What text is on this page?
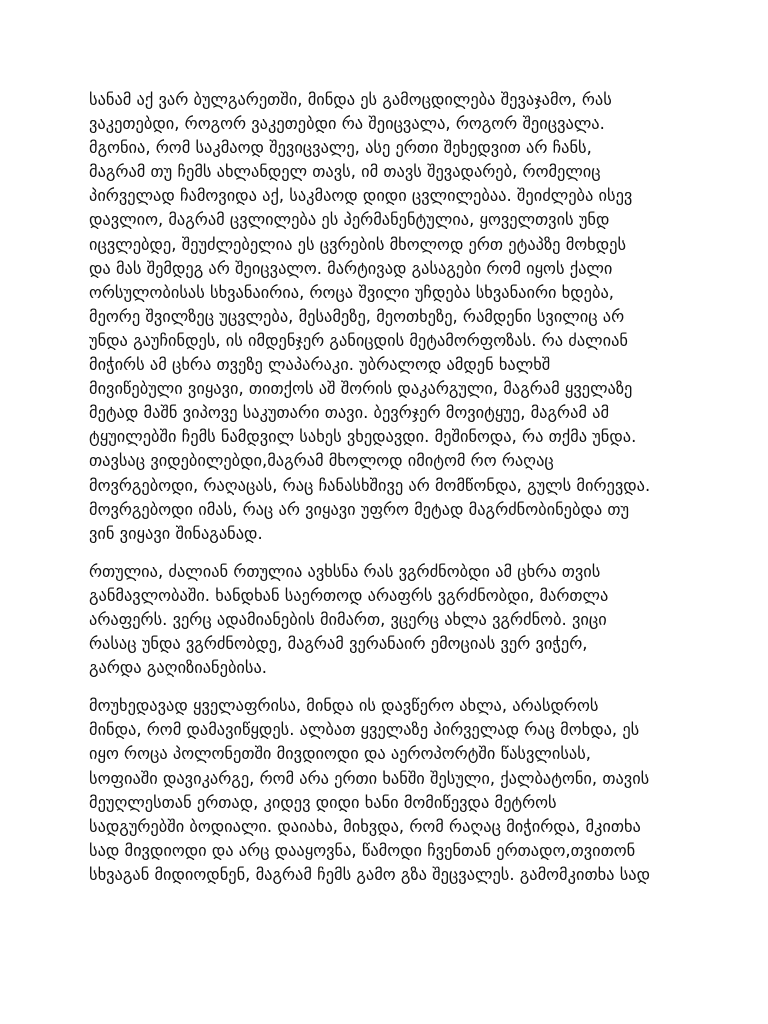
სანამ აქ ვარ ბულგარეთში, მინდა ეს გამოცდილება შევაჯამო, რას
ვაკეთებდი, როგორ ვაკეთებდი რა შეიცვალა, როგორ შეიცვალა.
მგონია, რომ საკმაოდ შევიცვალე, ასე ერთი შეხედვით არ ჩანს,
მაგრამ თუ ჩემს ახლანდელ თავს, იმ თავს შევადარებ, რომელიც
პირველად ჩამოვიდა აქ, საკმაოდ დიდი ცვლილებაა. შეიძლება ისევ
დავლიო, მაგრამ ცვლილება ეს პერმანენტულია, ყოველთვის უნდ
იცვლებდე, შეუძლებელია ეს ცვრების მხოლოდ ერთ ეტაპზე მოხდეს
და მას შემდეგ არ შეიცვალო. მარტივად გასაგები რომ იყოს ქალი
ორსულობისას სხვანაირია, როცა შვილი უჩდება სხვანაირი ხდება,
მეორე შვილზეც უცვლება, მესამეზე, მეოთხეზე, რამდენი სვილიც არ
უნდა გაუჩინდეს, ის იმდენჯერ განიცდის მეტამორფოზას. რა ძალიან
მიჭირს ამ ცხრა თვეზე ლაპარაკი. უბრალოდ ამდენ ხალხშ
მივიწებული ვიყავი, თითქოს აშ შორის დაკარგული, მაგრამ ყველაზე
მეტად მაშნ ვიპოვე საკუთარი თავი. ბევრჯერ მოვიტყუე, მაგრამ ამ
ტყუილებში ჩემს ნამდვილ სახეს ვხედავდი. მეშინოდა, რა თქმა უნდა.
თავსაც ვიდებილებდი,მაგრამ მხოლოდ იმიტომ რო რაღაც
მოვრგებოდი, რაღაცას, რაც ჩანასხშივე არ მომწონდა, გულს მირევდა.
მოვრგებოდი იმას, რაც არ ვიყავი უფრო მეტად მაგრძნობინებდა თუ
ვინ ვიყავი შინაგანად.
რთულია, ძალიან რთულია ავხსნა რას ვგრძნობდი ამ ცხრა თვის
განმავლობაში. ხანდხან საერთოდ არაფრს ვგრძნობდი, მართლა
არაფერს. ვერც ადამიანების მიმართ, ვცერც ახლა ვგრძნობ. ვიცი
რასაც უნდა ვგრძნობდე, მაგრამ ვერანაირ ემოციას ვერ ვიჭერ,
გარდა გაღიზიანებისა.
მოუხედავად ყველაფრისა, მინდა ის დავწერო ახლა, არასდროს
მინდა, რომ დამავიწყდეს. ალბათ ყველაზე პირველად რაც მოხდა, ეს
იყო როცა პოლონეთში მივდიოდი და აეროპორტში წასვლისას,
სოფიაში დავიკარგე, რომ არა ერთი ხანში შესული, ქალბატონი, თავის
მეუღლესთან ერთად, კიდევ დიდი ხანი მომიწევდა მეტროს
სადგურებში ბოდიალი. დაიახა, მიხვდა, რომ რაღაც მიჭირდა, მკითხა
სად მივდიოდი და არც დააყოვნა, წამოდი ჩვენთან ერთადო,თვითონ
სხვაგან მიდიოდნენ, მაგრამ ჩემს გამო გზა შეცვალეს. გამომკითხა სად
